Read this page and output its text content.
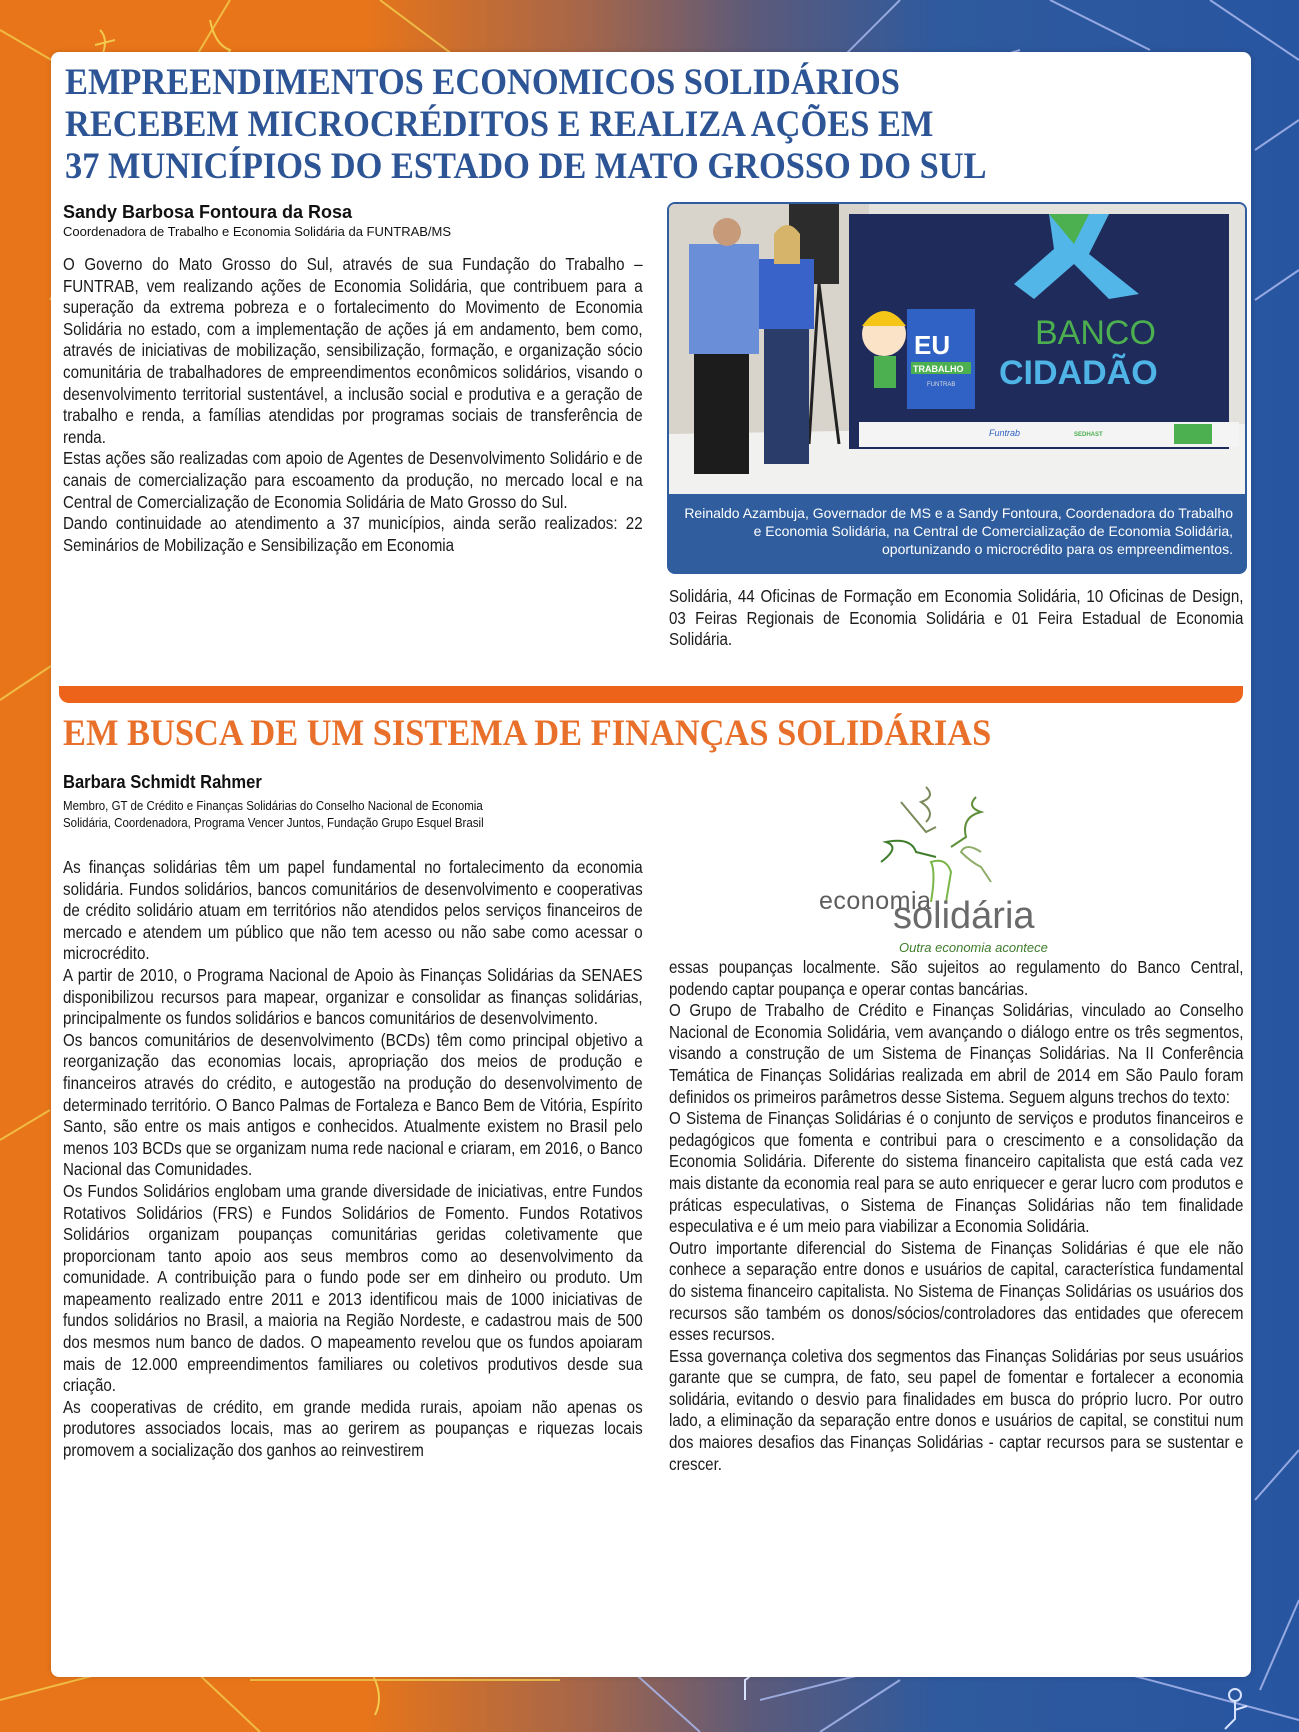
EMPREENDIMENTOS ECONOMICOS SOLIDÁRIOS
RECEBEM MICROCRÉDITOS E REALIZA AÇÕES EM
37 MUNICÍPIOS DO ESTADO DE MATO GROSSO DO SUL
Sandy Barbosa Fontoura da Rosa
Coordenadora de Trabalho e Economia Solidária da FUNTRAB/MS

O Governo do Mato Grosso do Sul, através de sua Fundação do Trabalho – FUNTRAB, vem realizando ações de Economia Solidária, que contribuem para a superação da extrema pobreza e o fortalecimento do Movimento de Economia Solidária no estado, com a implementação de ações já em andamento, bem como, através de iniciativas de mobilização, sensibilização, formação, e organização sócio comunitária de trabalhadores de empreendimentos econômicos solidários, visando o desenvolvimento territorial sustentável, a inclusão social e produtiva e a geração de trabalho e renda, a famílias atendidas por programas sociais de transferência de renda.

Estas ações são realizadas com apoio de Agentes de Desenvolvimento Solidário e de canais de comercialização para escoamento da produção, no mercado local e na Central de Comercialização de Economia Solidária de Mato Grosso do Sul.

Dando continuidade ao atendimento a 37 municípios, ainda serão realizados: 22 Seminários de Mobilização e Sensibilização em Economia

BANCO
CIDADÃO
EU
TRABALHO
FUNTRAB
Funtrab	SEDHAST
Reinaldo Azambuja, Governador de MS e a Sandy Fontoura, Coordenadora do Trabalho e Economia Solidária, na Central de Comercialização de Economia Solidária, oportunizando o microcrédito para os empreendimentos.

Solidária, 44 Oficinas de Formação em Economia Solidária, 10 Oficinas de Design, 03 Feiras Regionais de Economia Solidária e 01 Feira Estadual de Economia Solidária.

EM BUSCA DE UM SISTEMA DE FINANÇAS SOLIDÁRIAS
Barbara Schmidt Rahmer
Membro, GT de Crédito e Finanças Solidárias do Conselho Nacional de Economia
Solidária, Coordenadora, Programa Vencer Juntos, Fundação Grupo Esquel Brasil
economia
solidária
Outra economia acontece

As finanças solidárias têm um papel fundamental no fortalecimento da economia solidária. Fundos solidários, bancos comunitários de desenvolvimento e cooperativas de crédito solidário atuam em territórios não atendidos pelos serviços financeiros de mercado e atendem um público que não tem acesso ou não sabe como acessar o microcrédito.

A partir de 2010, o Programa Nacional de Apoio às Finanças Solidárias da SENAES disponibilizou recursos para mapear, organizar e consolidar as finanças solidárias, principalmente os fundos solidários e bancos comunitários de desenvolvimento.

Os bancos comunitários de desenvolvimento (BCDs) têm como principal objetivo a reorganização das economias locais, apropriação dos meios de produção e financeiros através do crédito, e autogestão na produção do desenvolvimento de determinado território. O Banco Palmas de Fortaleza e Banco Bem de Vitória, Espírito Santo, são entre os mais antigos e conhecidos. Atualmente existem no Brasil pelo menos 103 BCDs que se organizam numa rede nacional e criaram, em 2016, o Banco Nacional das Comunidades.

Os Fundos Solidários englobam uma grande diversidade de iniciativas, entre Fundos Rotativos Solidários (FRS) e Fundos Solidários de Fomento. Fundos Rotativos Solidários organizam poupanças comunitárias geridas coletivamente que proporcionam tanto apoio aos seus membros como ao desenvolvimento da comunidade. A contribuição para o fundo pode ser em dinheiro ou produto. Um mapeamento realizado entre 2011 e 2013 identificou mais de 1000 iniciativas de fundos solidários no Brasil, a maioria na Região Nordeste, e cadastrou mais de 500 dos mesmos num banco de dados. O mapeamento revelou que os fundos apoiaram mais de 12.000 empreendimentos familiares ou coletivos produtivos desde sua criação.

As cooperativas de crédito, em grande medida rurais, apoiam não apenas os produtores associados locais, mas ao gerirem as poupanças e riquezas locais promovem a socialização dos ganhos ao reinvestirem

essas poupanças localmente. São sujeitos ao regulamento do Banco Central, podendo captar poupança e operar contas bancárias.

O Grupo de Trabalho de Crédito e Finanças Solidárias, vinculado ao Conselho Nacional de Economia Solidária, vem avançando o diálogo entre os três segmentos, visando a construção de um Sistema de Finanças Solidárias. Na II Conferência Temática de Finanças Solidárias realizada em abril de 2014 em São Paulo foram definidos os primeiros parâmetros desse Sistema. Seguem alguns trechos do texto:

O Sistema de Finanças Solidárias é o conjunto de serviços e produtos financeiros e pedagógicos que fomenta e contribui para o crescimento e a consolidação da Economia Solidária. Diferente do sistema financeiro capitalista que está cada vez mais distante da economia real para se auto enriquecer e gerar lucro com produtos e práticas especulativas, o Sistema de Finanças Solidárias não tem finalidade especulativa e é um meio para viabilizar a Economia Solidária.

Outro importante diferencial do Sistema de Finanças Solidárias é que ele não conhece a separação entre donos e usuários de capital, característica fundamental do sistema financeiro capitalista. No Sistema de Finanças Solidárias os usuários dos recursos são também os donos/sócios/controladores das entidades que oferecem esses recursos.

Essa governança coletiva dos segmentos das Finanças Solidárias por seus usuários garante que se cumpra, de fato, seu papel de fomentar e fortalecer a economia solidária, evitando o desvio para finalidades em busca do próprio lucro. Por outro lado, a eliminação da separação entre donos e usuários de capital, se constitui num dos maiores desafios das Finanças Solidárias - captar recursos para se sustentar e crescer.
